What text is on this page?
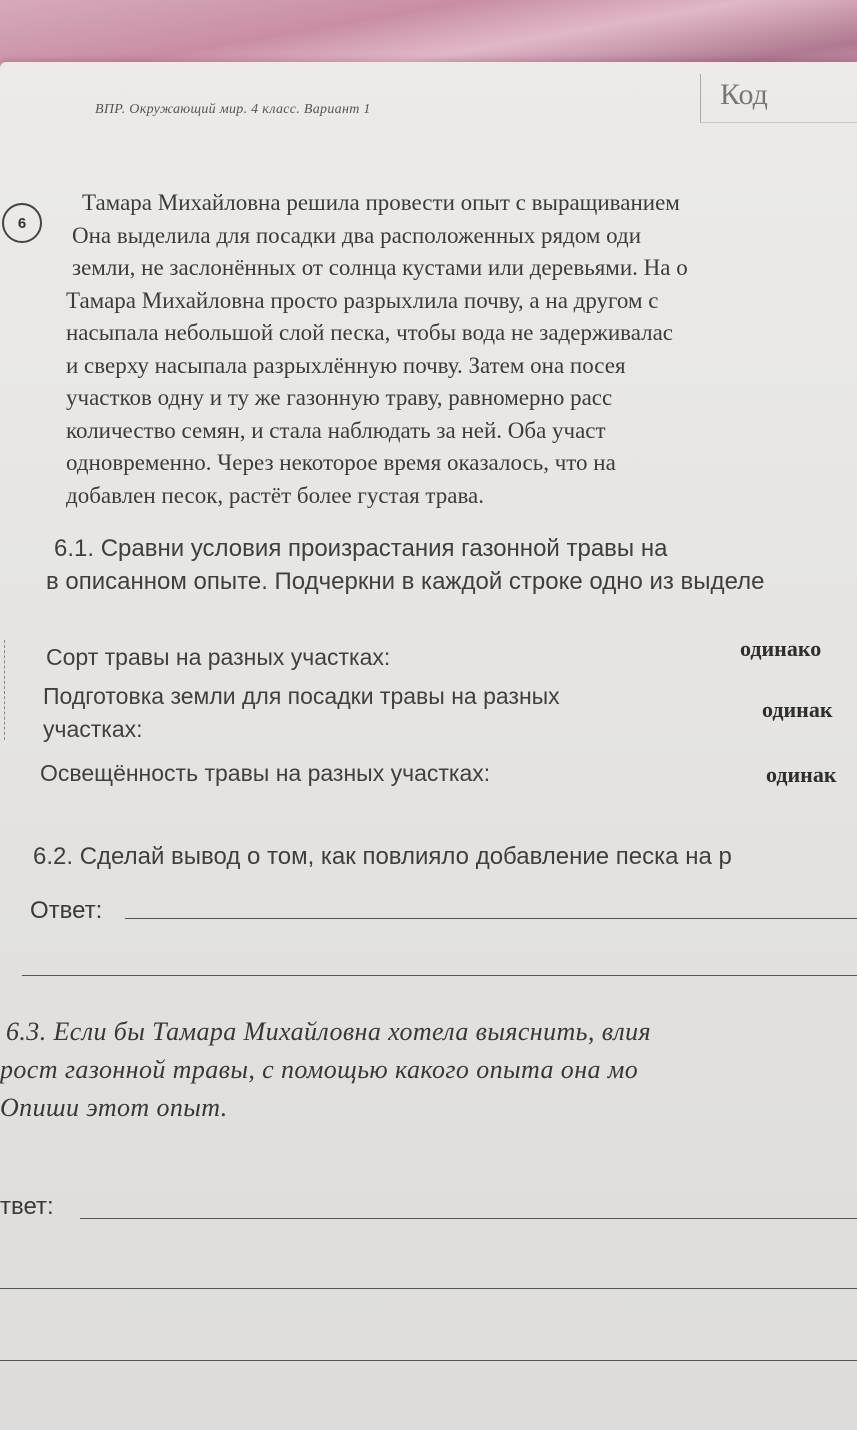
ВПР. Окружающий мир. 4 класс. Вариант 1	Код
6
Тамара Михайловна решила провести опыт с выращиванием
Она выделила для посадки два расположенных рядом оди
земли, не заслонённых от солнца кустами или деревьями. На о
Тамара Михайловна просто разрыхлила почву, а на другом с
насыпала небольшой слой песка, чтобы вода не задерживалас
и сверху насыпала разрыхлённую почву. Затем она посея
участков одну и ту же газонную траву, равномерно расс
количество семян, и стала наблюдать за ней. Оба участ
одновременно. Через некоторое время оказалось, что на
добавлен песок, растёт более густая трава.
6.1. Сравни условия произрастания газонной травы на
в описанном опыте. Подчеркни в каждой строке одно из выделе
Сорт травы на разных участках:	одинако
Подготовка земли для посадки травы на разных
участках:
одинак
Освещённость травы на разных участках:	одинак
6.2. Сделай вывод о том, как повлияло добавление песка на р
Ответ:
6.3. Если бы Тамара Михайловна хотела выяснить, влия
рост газонной травы, с помощью какого опыта она мо
Опиши этот опыт.
твет:
